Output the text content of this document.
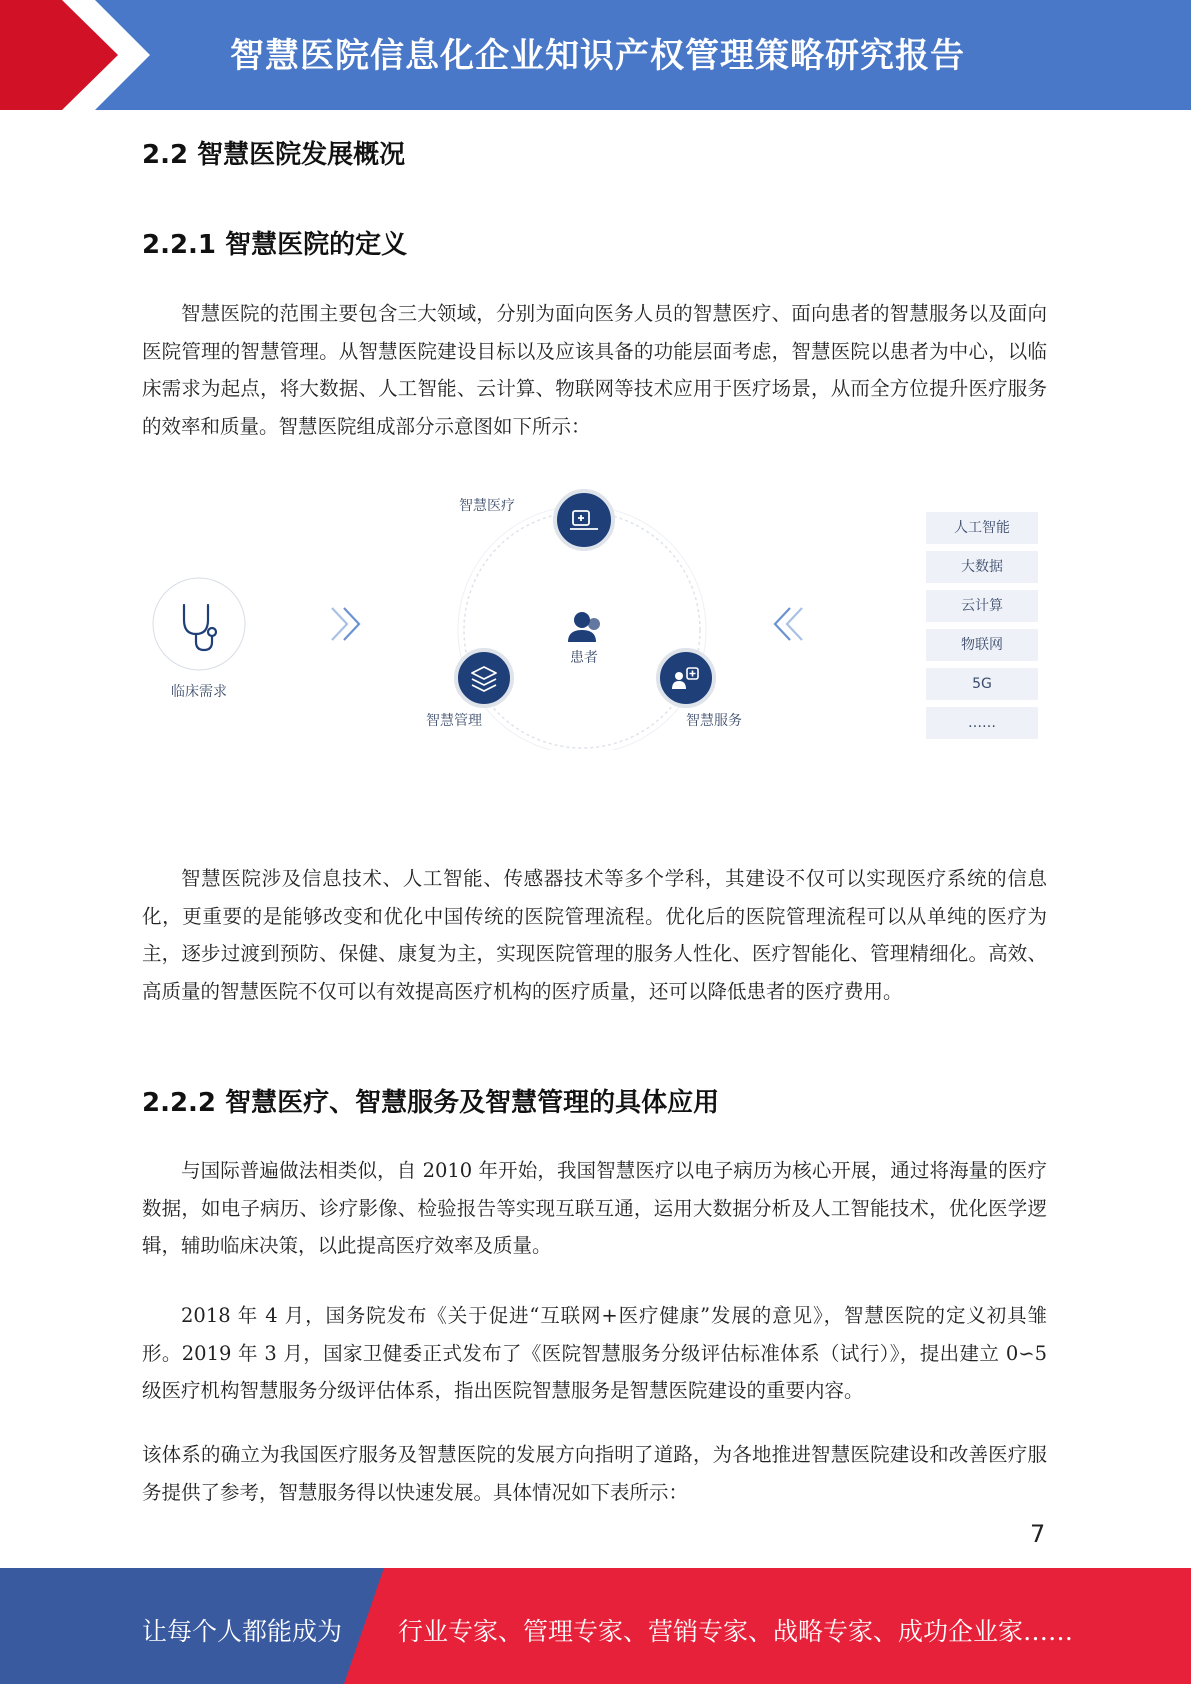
智慧医院信息化企业知识产权管理策略研究报告
2.2 智慧医院发展概况
2.2.1 智慧医院的定义
智慧医院的范围主要包含三大领域，分别为面向医务人员的智慧医疗、面向患者的智慧服务以及面向医院管理的智慧管理。从智慧医院建设目标以及应该具备的功能层面考虑，智慧医院以患者为中心，以临床需求为起点，将大数据、人工智能、云计算、物联网等技术应用于医疗场景，从而全方位提升医疗服务的效率和质量。智慧医院组成部分示意图如下所示：
临床需求
患者
智慧医疗
智慧管理	智慧服务
人工智能
大数据
云计算
物联网
5G
……
智慧医院涉及信息技术、人工智能、传感器技术等多个学科，其建设不仅可以实现医疗系统的信息化，更重要的是能够改变和优化中国传统的医院管理流程。优化后的医院管理流程可以从单纯的医疗为主，逐步过渡到预防、保健、康复为主，实现医院管理的服务人性化、医疗智能化、管理精细化。高效、高质量的智慧医院不仅可以有效提高医疗机构的医疗质量，还可以降低患者的医疗费用。
2.2.2 智慧医疗、智慧服务及智慧管理的具体应用
与国际普遍做法相类似，自 2010 年开始，我国智慧医疗以电子病历为核心开展，通过将海量的医疗数据，如电子病历、诊疗影像、检验报告等实现互联互通，运用大数据分析及人工智能技术，优化医学逻辑，辅助临床决策，以此提高医疗效率及质量。
2018 年 4 月，国务院发布《关于促进“互联网+医疗健康”发展的意见》，智慧医院的定义初具雏形。2019 年 3 月，国家卫健委正式发布了《医院智慧服务分级评估标准体系（试行）》，提出建立 0∽5 级医疗机构智慧服务分级评估体系，指出医院智慧服务是智慧医院建设的重要内容。
该体系的确立为我国医疗服务及智慧医院的发展方向指明了道路，为各地推进智慧医院建设和改善医疗服务提供了参考，智慧服务得以快速发展。具体情况如下表所示：
7
让每个人都能成为 行业专家、管理专家、营销专家、战略专家、成功企业家……
